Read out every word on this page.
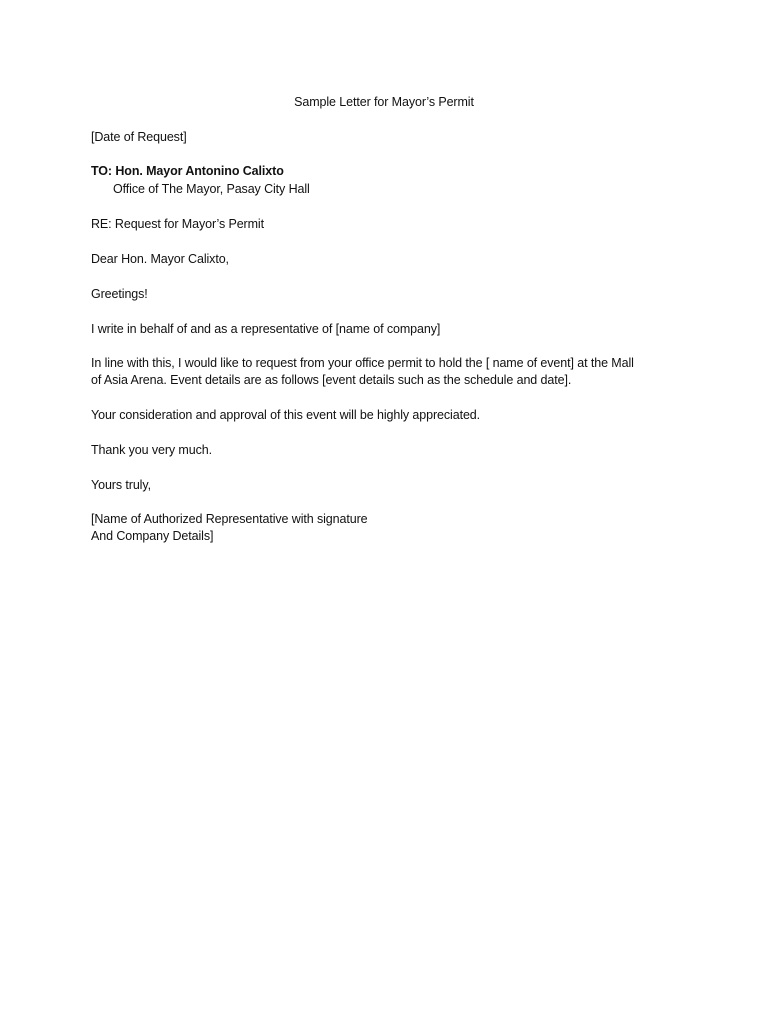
Sample Letter for Mayor’s Permit
[Date of Request]
TO: Hon. Mayor Antonino Calixto
Office of The Mayor, Pasay City Hall
RE: Request for Mayor’s Permit
Dear Hon. Mayor Calixto,
Greetings!
I write in behalf of and as a representative of [name of company]
In line with this, I would like to request from your office permit to hold the [ name of event] at the Mall
of Asia Arena. Event details are as follows [event details such as the schedule and date].
Your consideration and approval of this event will be highly appreciated.
Thank you very much.
Yours truly,
[Name of Authorized Representative with signature
And Company Details]
